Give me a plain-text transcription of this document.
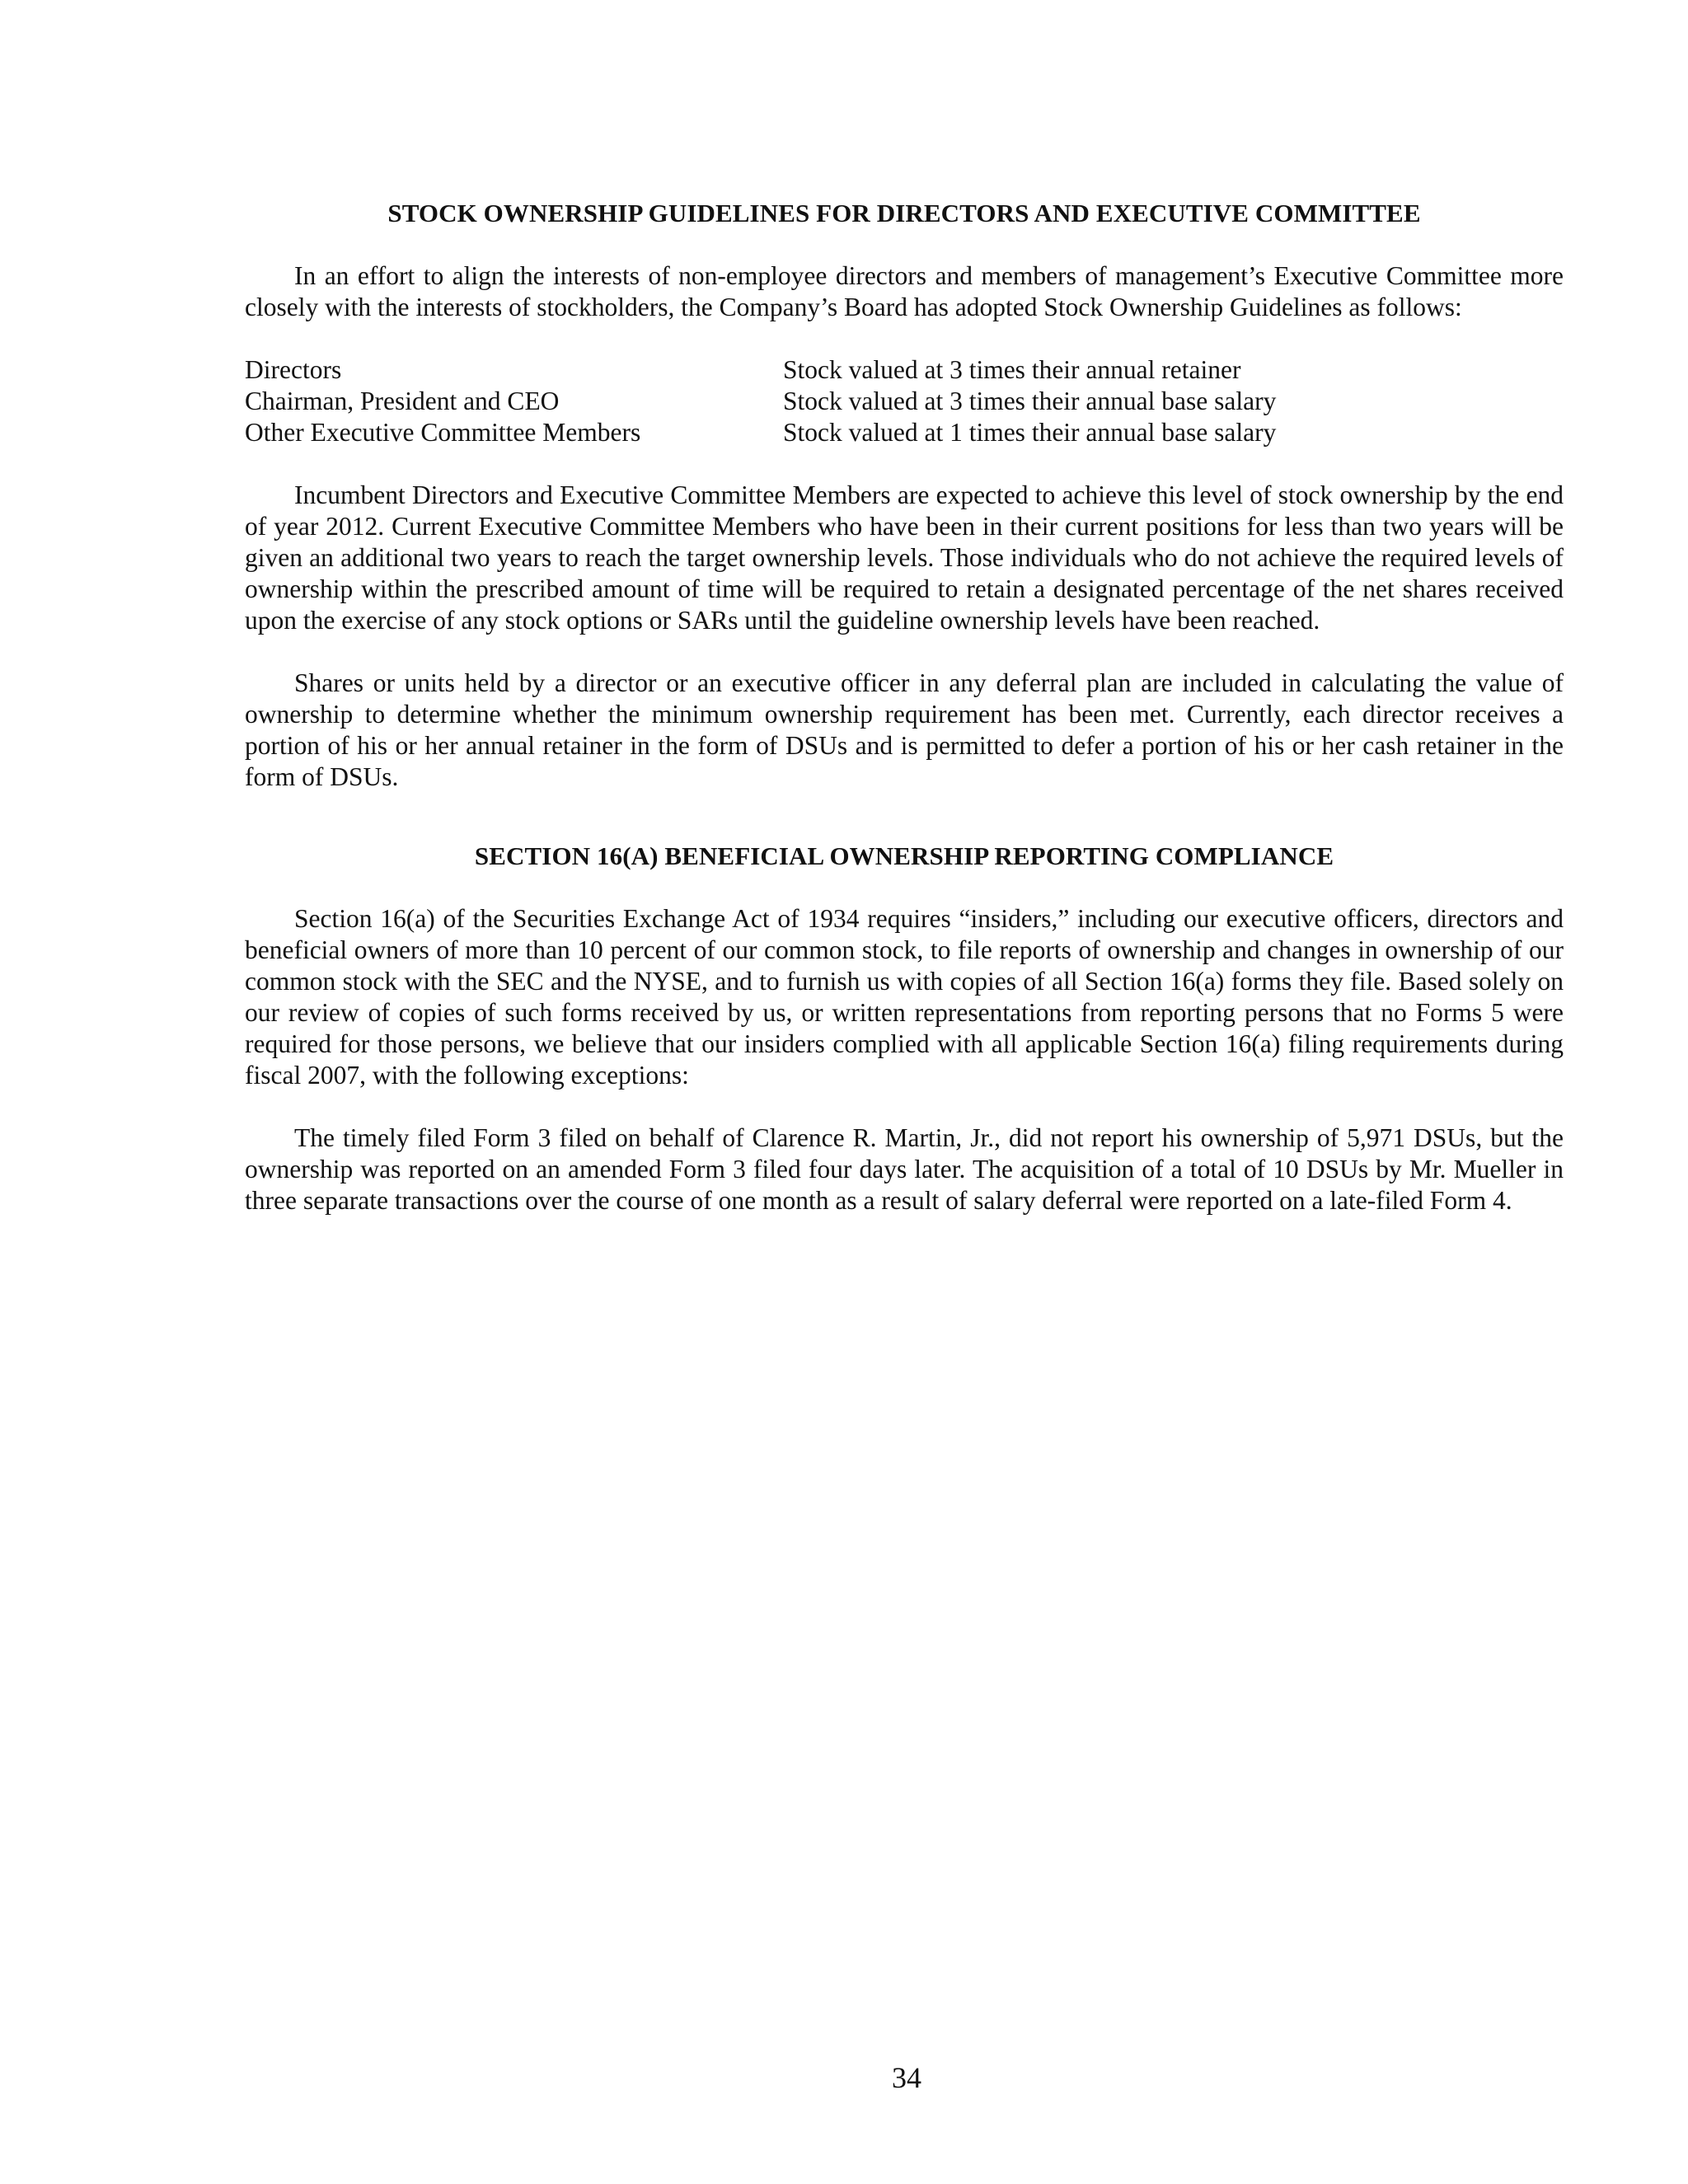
STOCK OWNERSHIP GUIDELINES FOR DIRECTORS AND EXECUTIVE COMMITTEE

In an effort to align the interests of non-employee directors and members of management’s Executive Committee more closely with the interests of stockholders, the Company’s Board has adopted Stock Ownership Guidelines as follows:

Directors	Stock valued at 3 times their annual retainer
Chairman, President and CEO	Stock valued at 3 times their annual base salary
Other Executive Committee Members	Stock valued at 1 times their annual base salary

Incumbent Directors and Executive Committee Members are expected to achieve this level of stock ownership by the end of year 2012. Current Executive Committee Members who have been in their current positions for less than two years will be given an additional two years to reach the target ownership levels. Those individuals who do not achieve the required levels of ownership within the prescribed amount of time will be required to retain a designated percentage of the net shares received upon the exercise of any stock options or SARs until the guideline ownership levels have been reached.

Shares or units held by a director or an executive officer in any deferral plan are included in calculating the value of ownership to determine whether the minimum ownership requirement has been met. Currently, each director receives a portion of his or her annual retainer in the form of DSUs and is permitted to defer a portion of his or her cash retainer in the form of DSUs.

SECTION 16(A) BENEFICIAL OWNERSHIP REPORTING COMPLIANCE

Section 16(a) of the Securities Exchange Act of 1934 requires “insiders,” including our executive officers, directors and beneficial owners of more than 10 percent of our common stock, to file reports of ownership and changes in ownership of our common stock with the SEC and the NYSE, and to furnish us with copies of all Section 16(a) forms they file. Based solely on our review of copies of such forms received by us, or written representations from reporting persons that no Forms 5 were required for those persons, we believe that our insiders complied with all applicable Section 16(a) filing requirements during fiscal 2007, with the following exceptions:

The timely filed Form 3 filed on behalf of Clarence R. Martin, Jr., did not report his ownership of 5,971 DSUs, but the ownership was reported on an amended Form 3 filed four days later. The acquisition of a total of 10 DSUs by Mr. Mueller in three separate transactions over the course of one month as a result of salary deferral were reported on a late-filed Form 4.

34
